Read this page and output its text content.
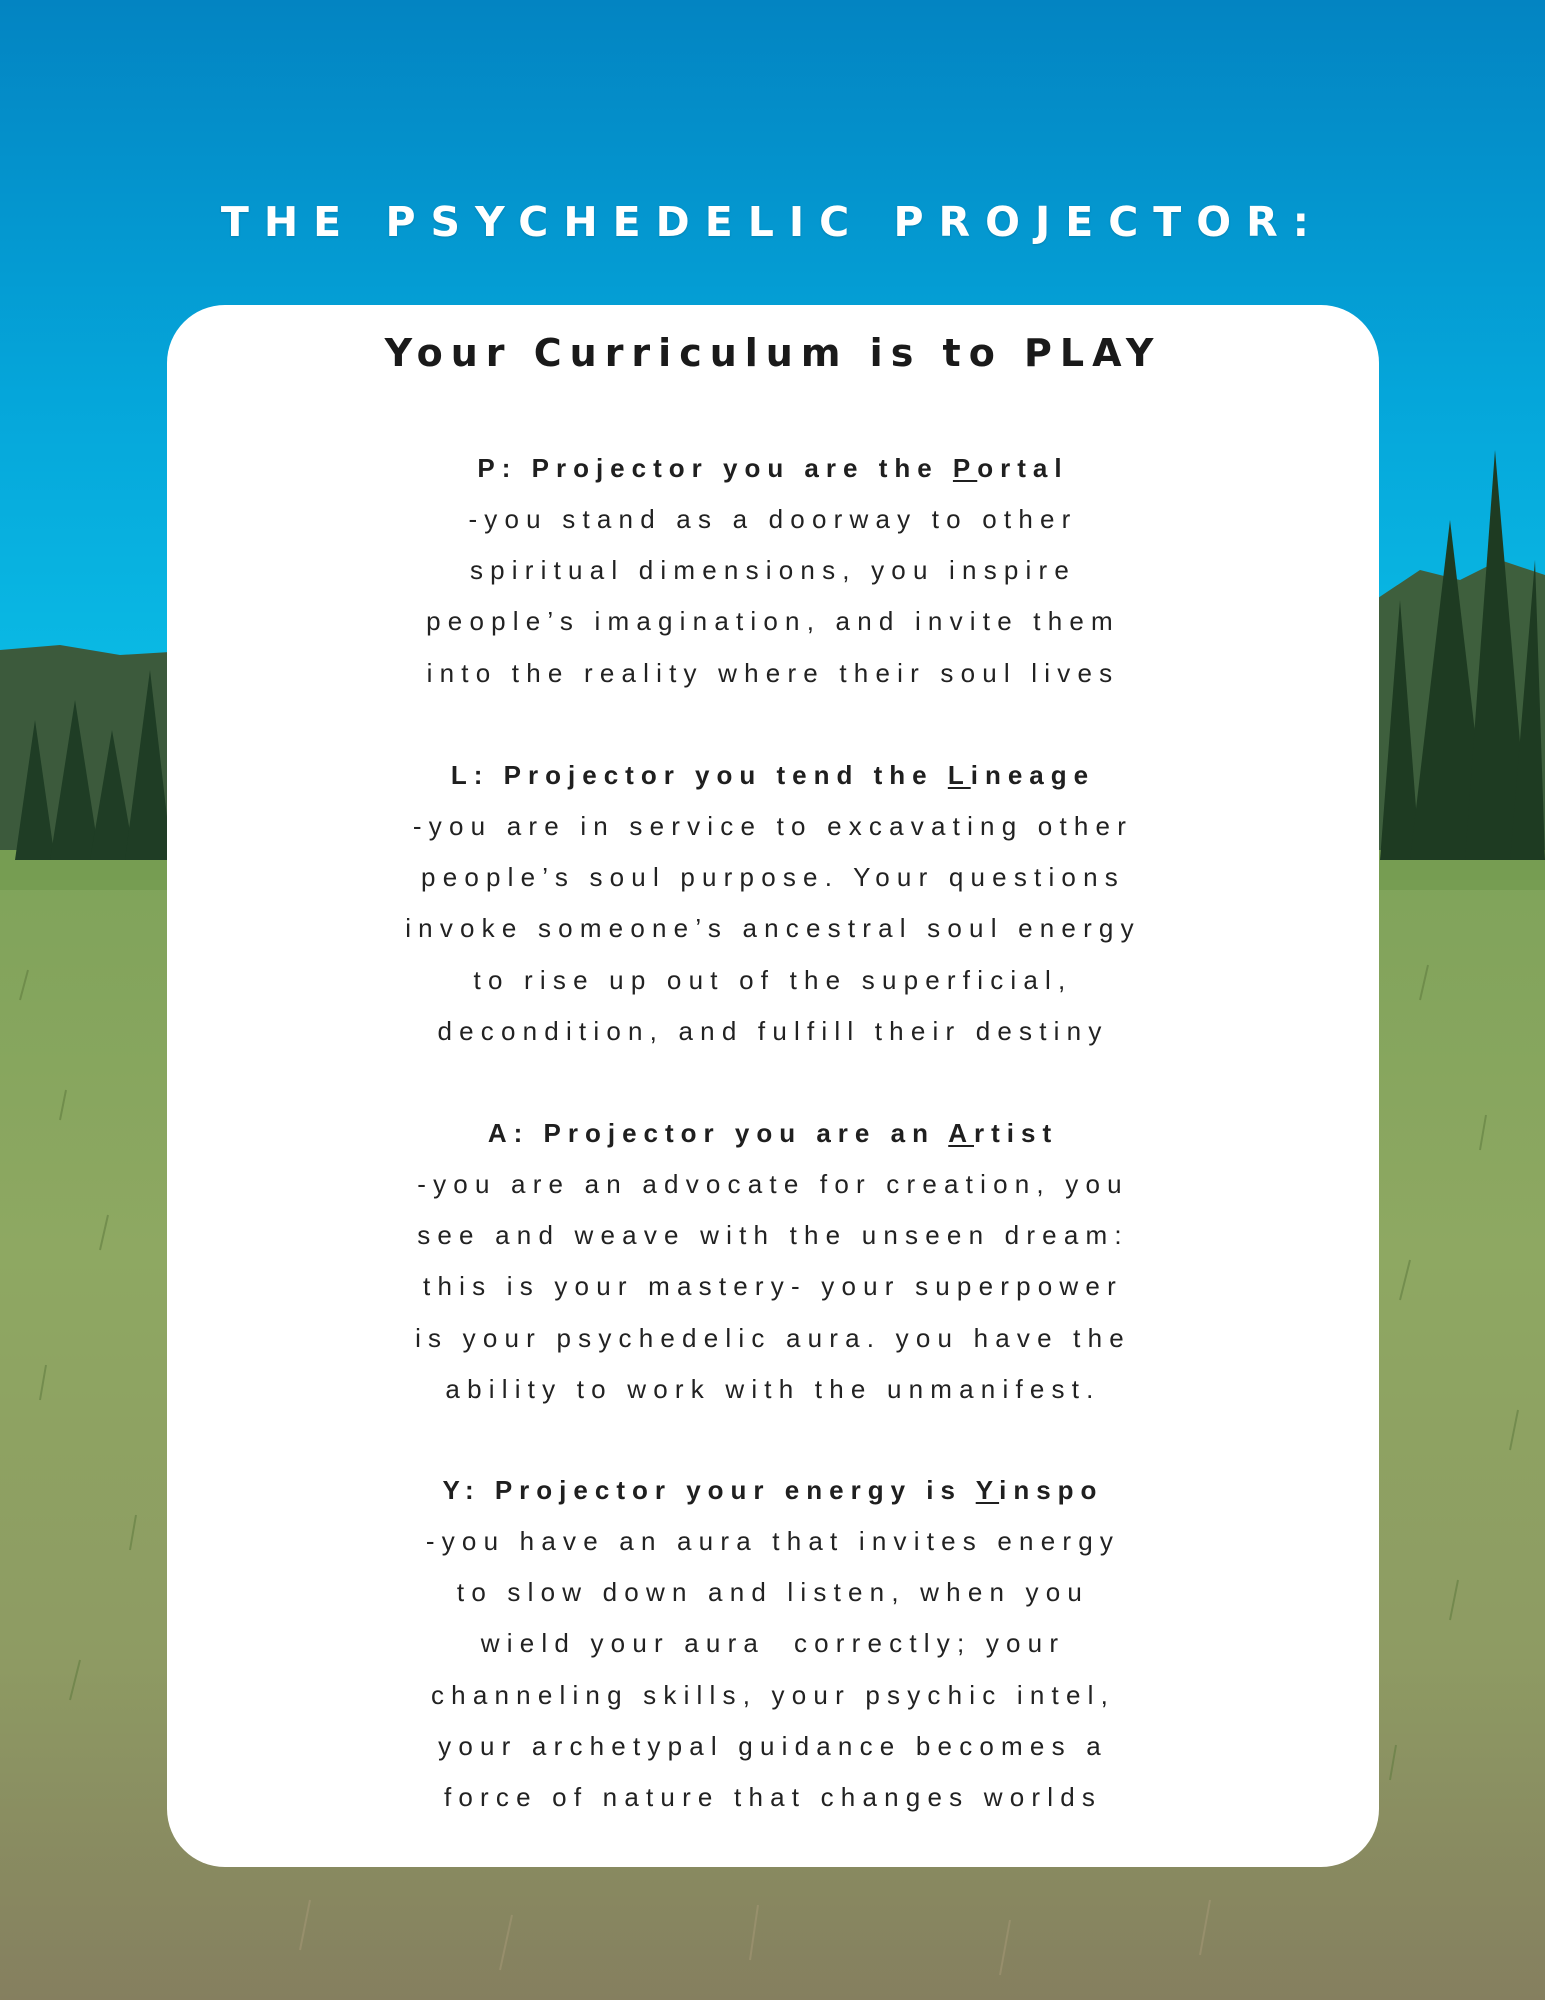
THE PSYCHEDELIC PROJECTOR:
Your Curriculum is to PLAY
P: Projector you are the Portal
-you stand as a doorway to other
spiritual dimensions, you inspire
people’s imagination, and invite them
into the reality where their soul lives
L: Projector you tend the Lineage
-you are in service to excavating other
people’s soul purpose. Your questions
invoke someone’s ancestral soul energy
to rise up out of the superficial,
decondition, and fulfill their destiny
A: Projector you are an Artist
-you are an advocate for creation, you
see and weave with the unseen dream:
this is your mastery- your superpower
is your psychedelic aura. you have the
ability to work with the unmanifest.
Y: Projector your energy is Yinspo
-you have an aura that invites energy
to slow down and listen, when you
wield your aura  correctly; your
channeling skills, your psychic intel,
your archetypal guidance becomes a
force of nature that changes worlds
